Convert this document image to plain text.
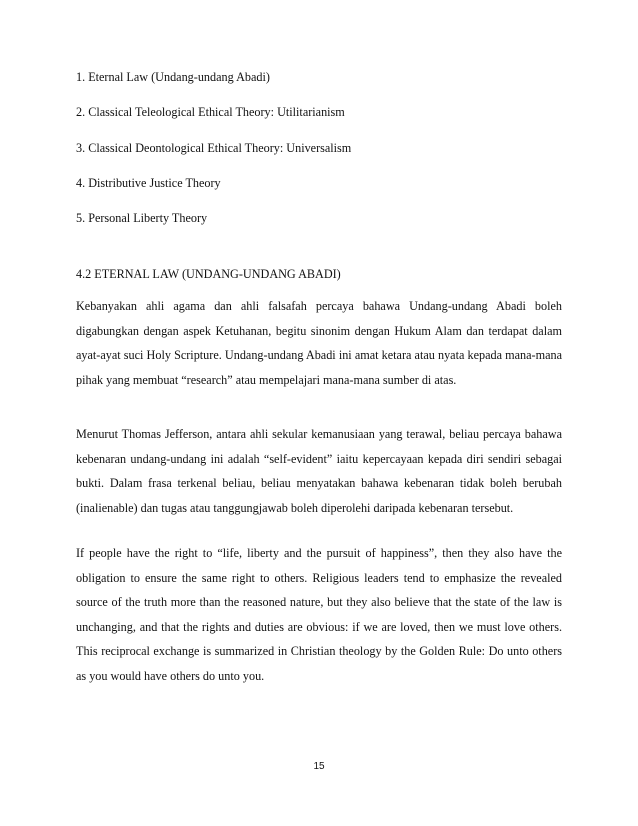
1. Eternal Law (Undang-undang Abadi)
2. Classical Teleological Ethical Theory: Utilitarianism
3. Classical Deontological Ethical Theory: Universalism
4. Distributive Justice Theory
5. Personal Liberty Theory
4.2 ETERNAL LAW (UNDANG-UNDANG ABADI)

Kebanyakan ahli agama dan ahli falsafah percaya bahawa Undang-undang Abadi boleh digabungkan dengan aspek Ketuhanan, begitu sinonim dengan Hukum Alam dan terdapat dalam ayat-ayat suci Holy Scripture. Undang-undang Abadi ini amat ketara atau nyata kepada mana-mana pihak yang membuat “research” atau mempelajari mana-mana sumber di atas.

Menurut Thomas Jefferson, antara ahli sekular kemanusiaan yang terawal, beliau percaya bahawa kebenaran undang-undang ini adalah “self-evident” iaitu kepercayaan kepada diri sendiri sebagai bukti. Dalam frasa terkenal beliau, beliau menyatakan bahawa kebenaran tidak boleh berubah (inalienable) dan tugas atau tanggungjawab boleh diperolehi daripada kebenaran tersebut.

If people have the right to “life, liberty and the pursuit of happiness”, then they also have the obligation to ensure the same right to others. Religious leaders tend to emphasize the revealed source of the truth more than the reasoned nature, but they also believe that the state of the law is unchanging, and that the rights and duties are obvious: if we are loved, then we must love others. This reciprocal exchange is summarized in Christian theology by the Golden Rule: Do unto others as you would have others do unto you.

15
